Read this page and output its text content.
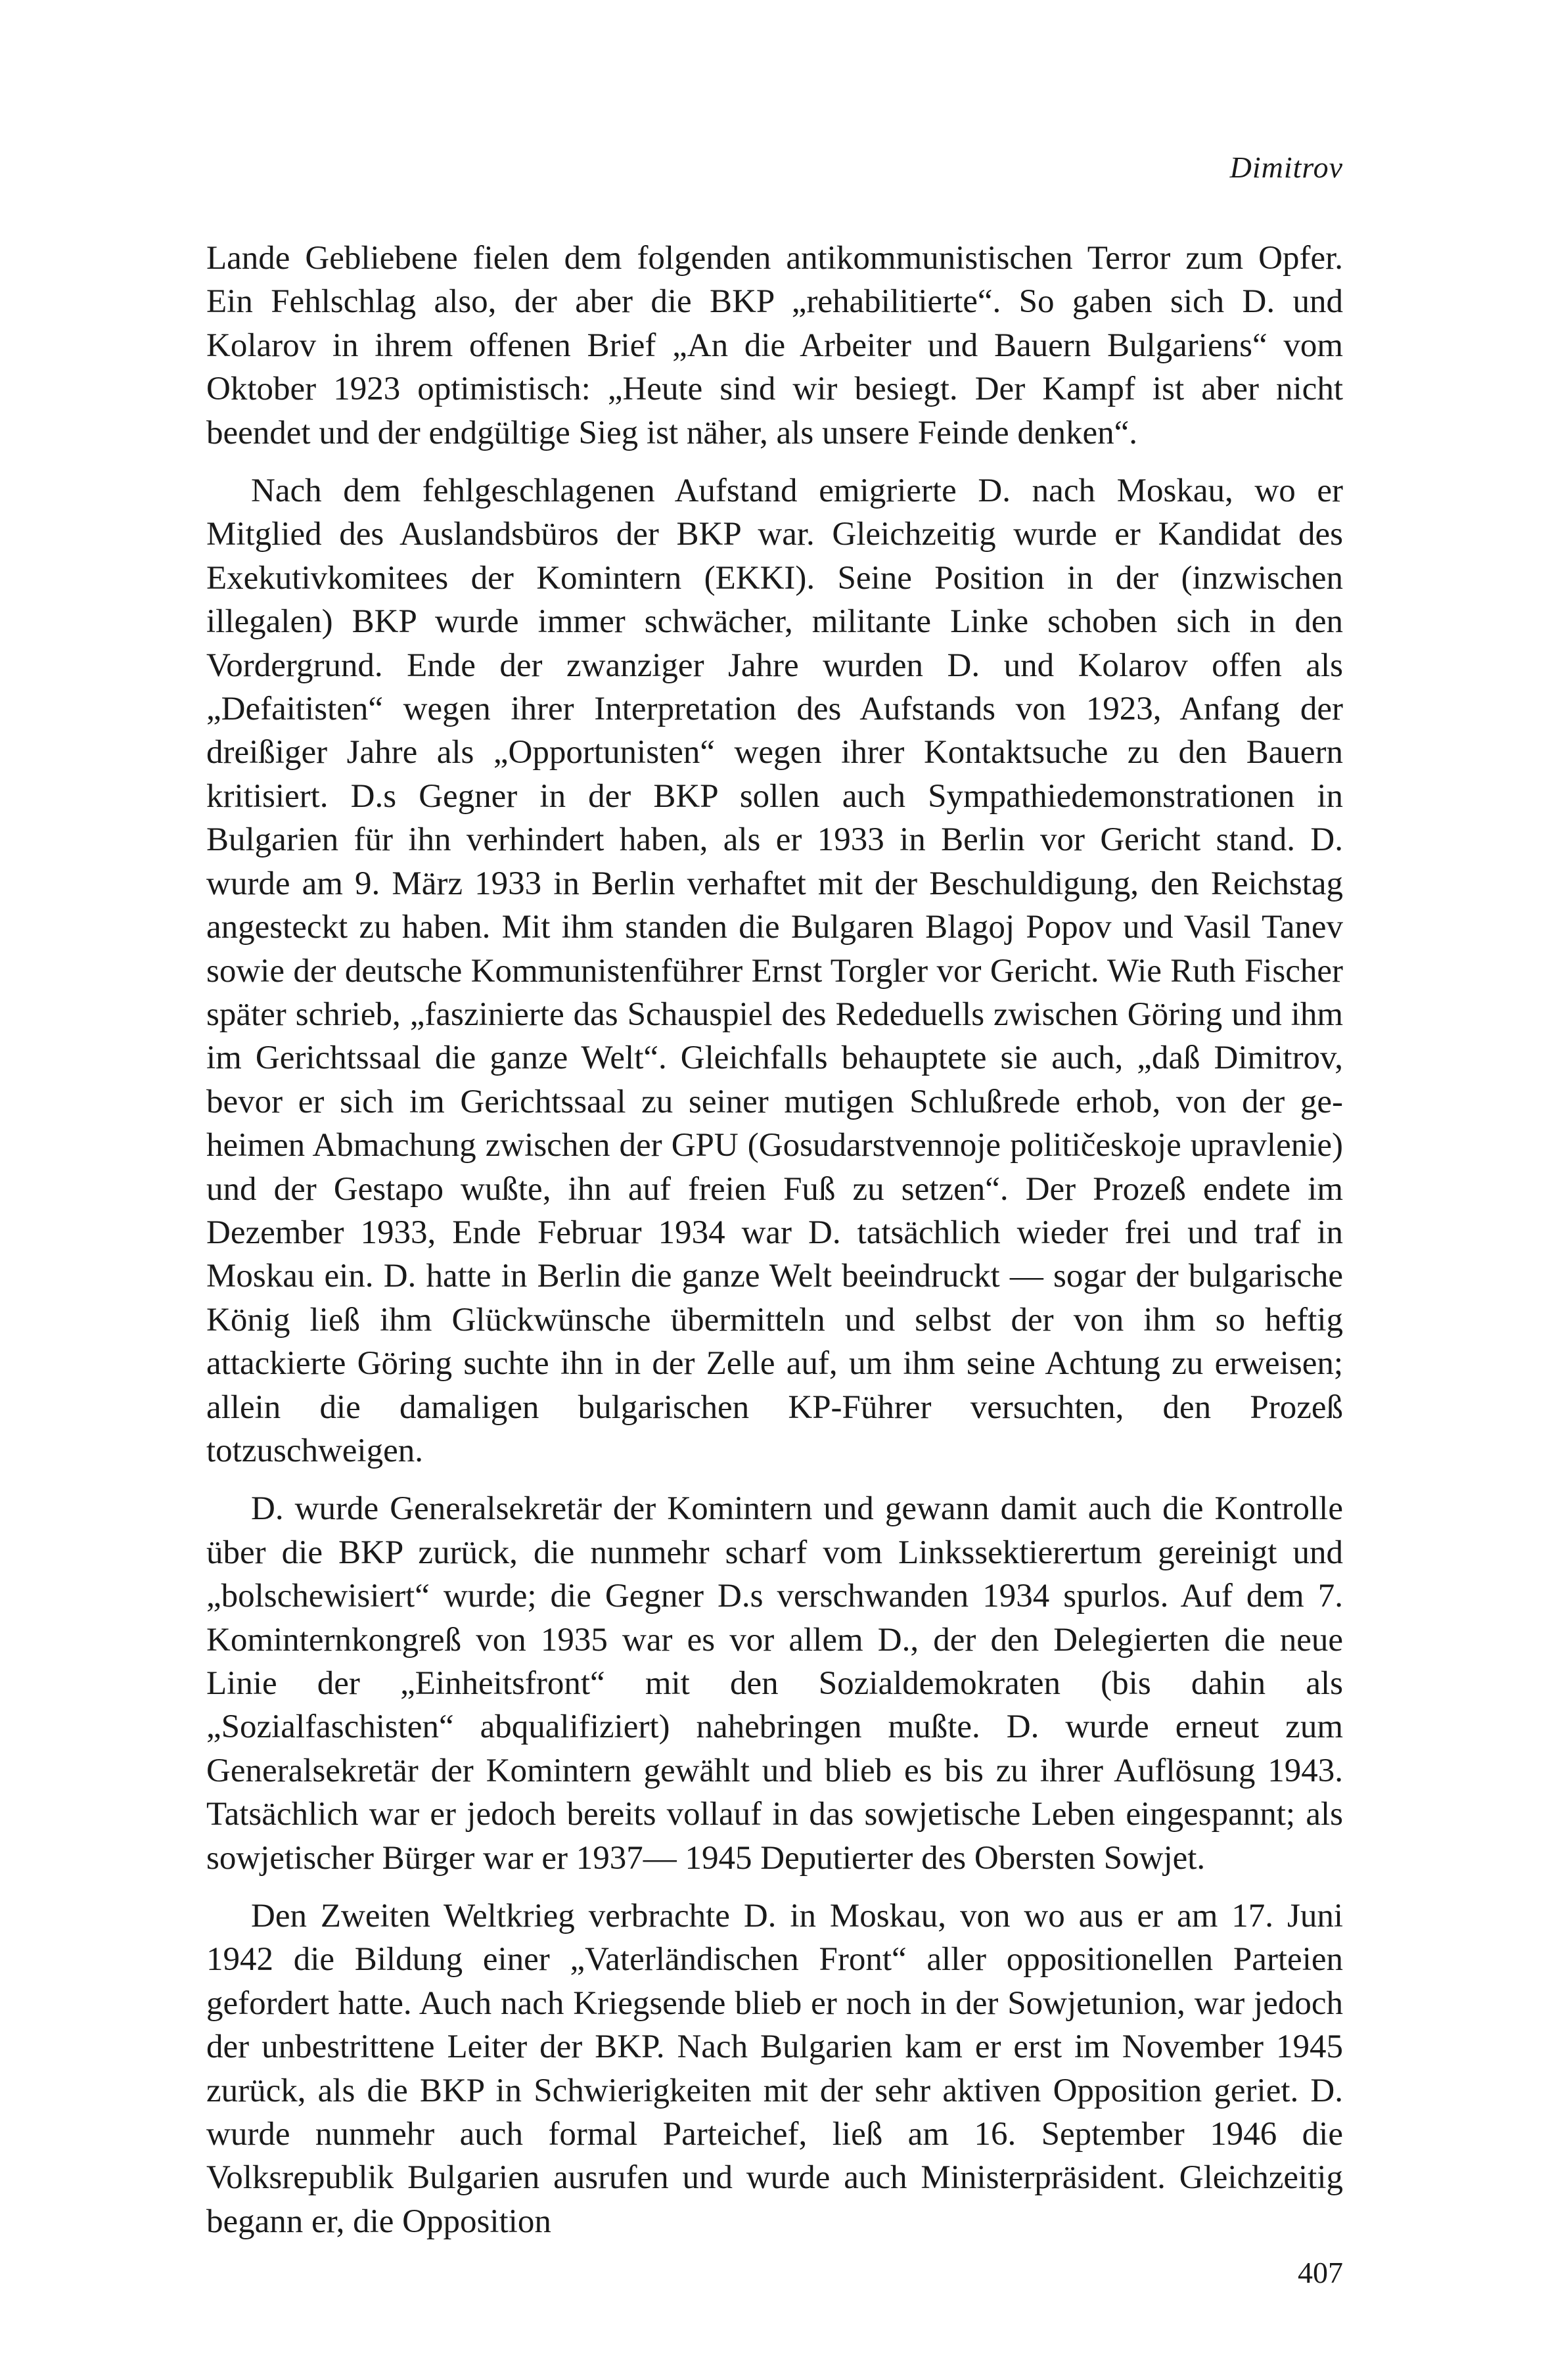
Dimitrov

Lande Gebliebene fielen dem folgenden antikommunistischen Terror zum Opfer. Ein Fehlschlag also, der aber die BKP „rehabilitierte“. So gaben sich D. und Kolarov in ihrem offenen Brief „An die Arbeiter und Bauern Bulgariens“ vom Oktober 1923 optimistisch: „Heute sind wir besiegt. Der Kampf ist aber nicht beendet und der endgültige Sieg ist näher, als unsere Feinde denken“.

Nach dem fehlgeschlagenen Aufstand emigrierte D. nach Moskau, wo er Mitglied des Auslandsbüros der BKP war. Gleichzeitig wurde er Kandidat des Exekutivkomitees der Komintern (EKKI). Seine Position in der (inzwischen illegalen) BKP wurde immer schwächer, militante Linke schoben sich in den Vordergrund. Ende der zwanziger Jahre wurden D. und Kolarov offen als „Defaitisten“ wegen ihrer Interpretation des Aufstands von 1923, Anfang der dreißiger Jahre als „Opportunisten“ wegen ihrer Kontaktsuche zu den Bauern kritisiert. D.s Gegner in der BKP sollen auch Sympathiedemonstrationen in Bulgarien für ihn verhindert haben, als er 1933 in Berlin vor Gericht stand. D. wurde am 9. März 1933 in Berlin verhaftet mit der Beschuldigung, den Reichstag angesteckt zu haben. Mit ihm standen die Bulgaren Blagoj Popov und Vasil Tanev sowie der deutsche Kommunistenführer Ernst Torgler vor Gericht. Wie Ruth Fischer später schrieb, „faszinierte das Schauspiel des Rededuells zwischen Göring und ihm im Gerichtssaal die ganze Welt“. Gleichfalls behauptete sie auch, „daß Dimitrov, bevor er sich im Gerichtssaal zu seiner mutigen Schlußrede erhob, von der geheimen Abmachung zwischen der GPU (Gosudarstvennoje političeskoje upravlenie) und der Gestapo wußte, ihn auf freien Fuß zu setzen“. Der Prozeß endete im Dezember 1933, Ende Februar 1934 war D. tatsächlich wieder frei und traf in Moskau ein. D. hatte in Berlin die ganze Welt beeindruckt — sogar der bulgarische König ließ ihm Glückwünsche übermitteln und selbst der von ihm so heftig attackierte Göring suchte ihn in der Zelle auf, um ihm seine Achtung zu erweisen; allein die damaligen bulgarischen KP-Führer versuchten, den Prozeß totzuschweigen.

D. wurde Generalsekretär der Komintern und gewann damit auch die Kontrolle über die BKP zurück, die nunmehr scharf vom Linkssektierertum gereinigt und „bolschewisiert“ wurde; die Gegner D.s verschwanden 1934 spurlos. Auf dem 7. Kominternkongreß von 1935 war es vor allem D., der den Delegierten die neue Linie der „Einheitsfront“ mit den Sozialdemokraten (bis dahin als „Sozialfaschisten“ abqualifiziert) nahebringen mußte. D. wurde erneut zum Generalsekretär der Komintern gewählt und blieb es bis zu ihrer Auflösung 1943. Tatsächlich war er jedoch bereits vollauf in das sowjetische Leben eingespannt; als sowjetischer Bürger war er 1937— 1945 Deputierter des Obersten Sowjet.

Den Zweiten Weltkrieg verbrachte D. in Moskau, von wo aus er am 17. Juni 1942 die Bildung einer „Vaterländischen Front“ aller oppositionellen Parteien gefordert hatte. Auch nach Kriegsende blieb er noch in der Sowjetunion, war jedoch der unbestrittene Leiter der BKP. Nach Bulgarien kam er erst im November 1945 zurück, als die BKP in Schwierigkeiten mit der sehr aktiven Opposition geriet. D. wurde nunmehr auch formal Parteichef, ließ am 16. September 1946 die Volksrepublik Bulgarien ausrufen und wurde auch Ministerpräsident. Gleichzeitig begann er, die Opposition

407
